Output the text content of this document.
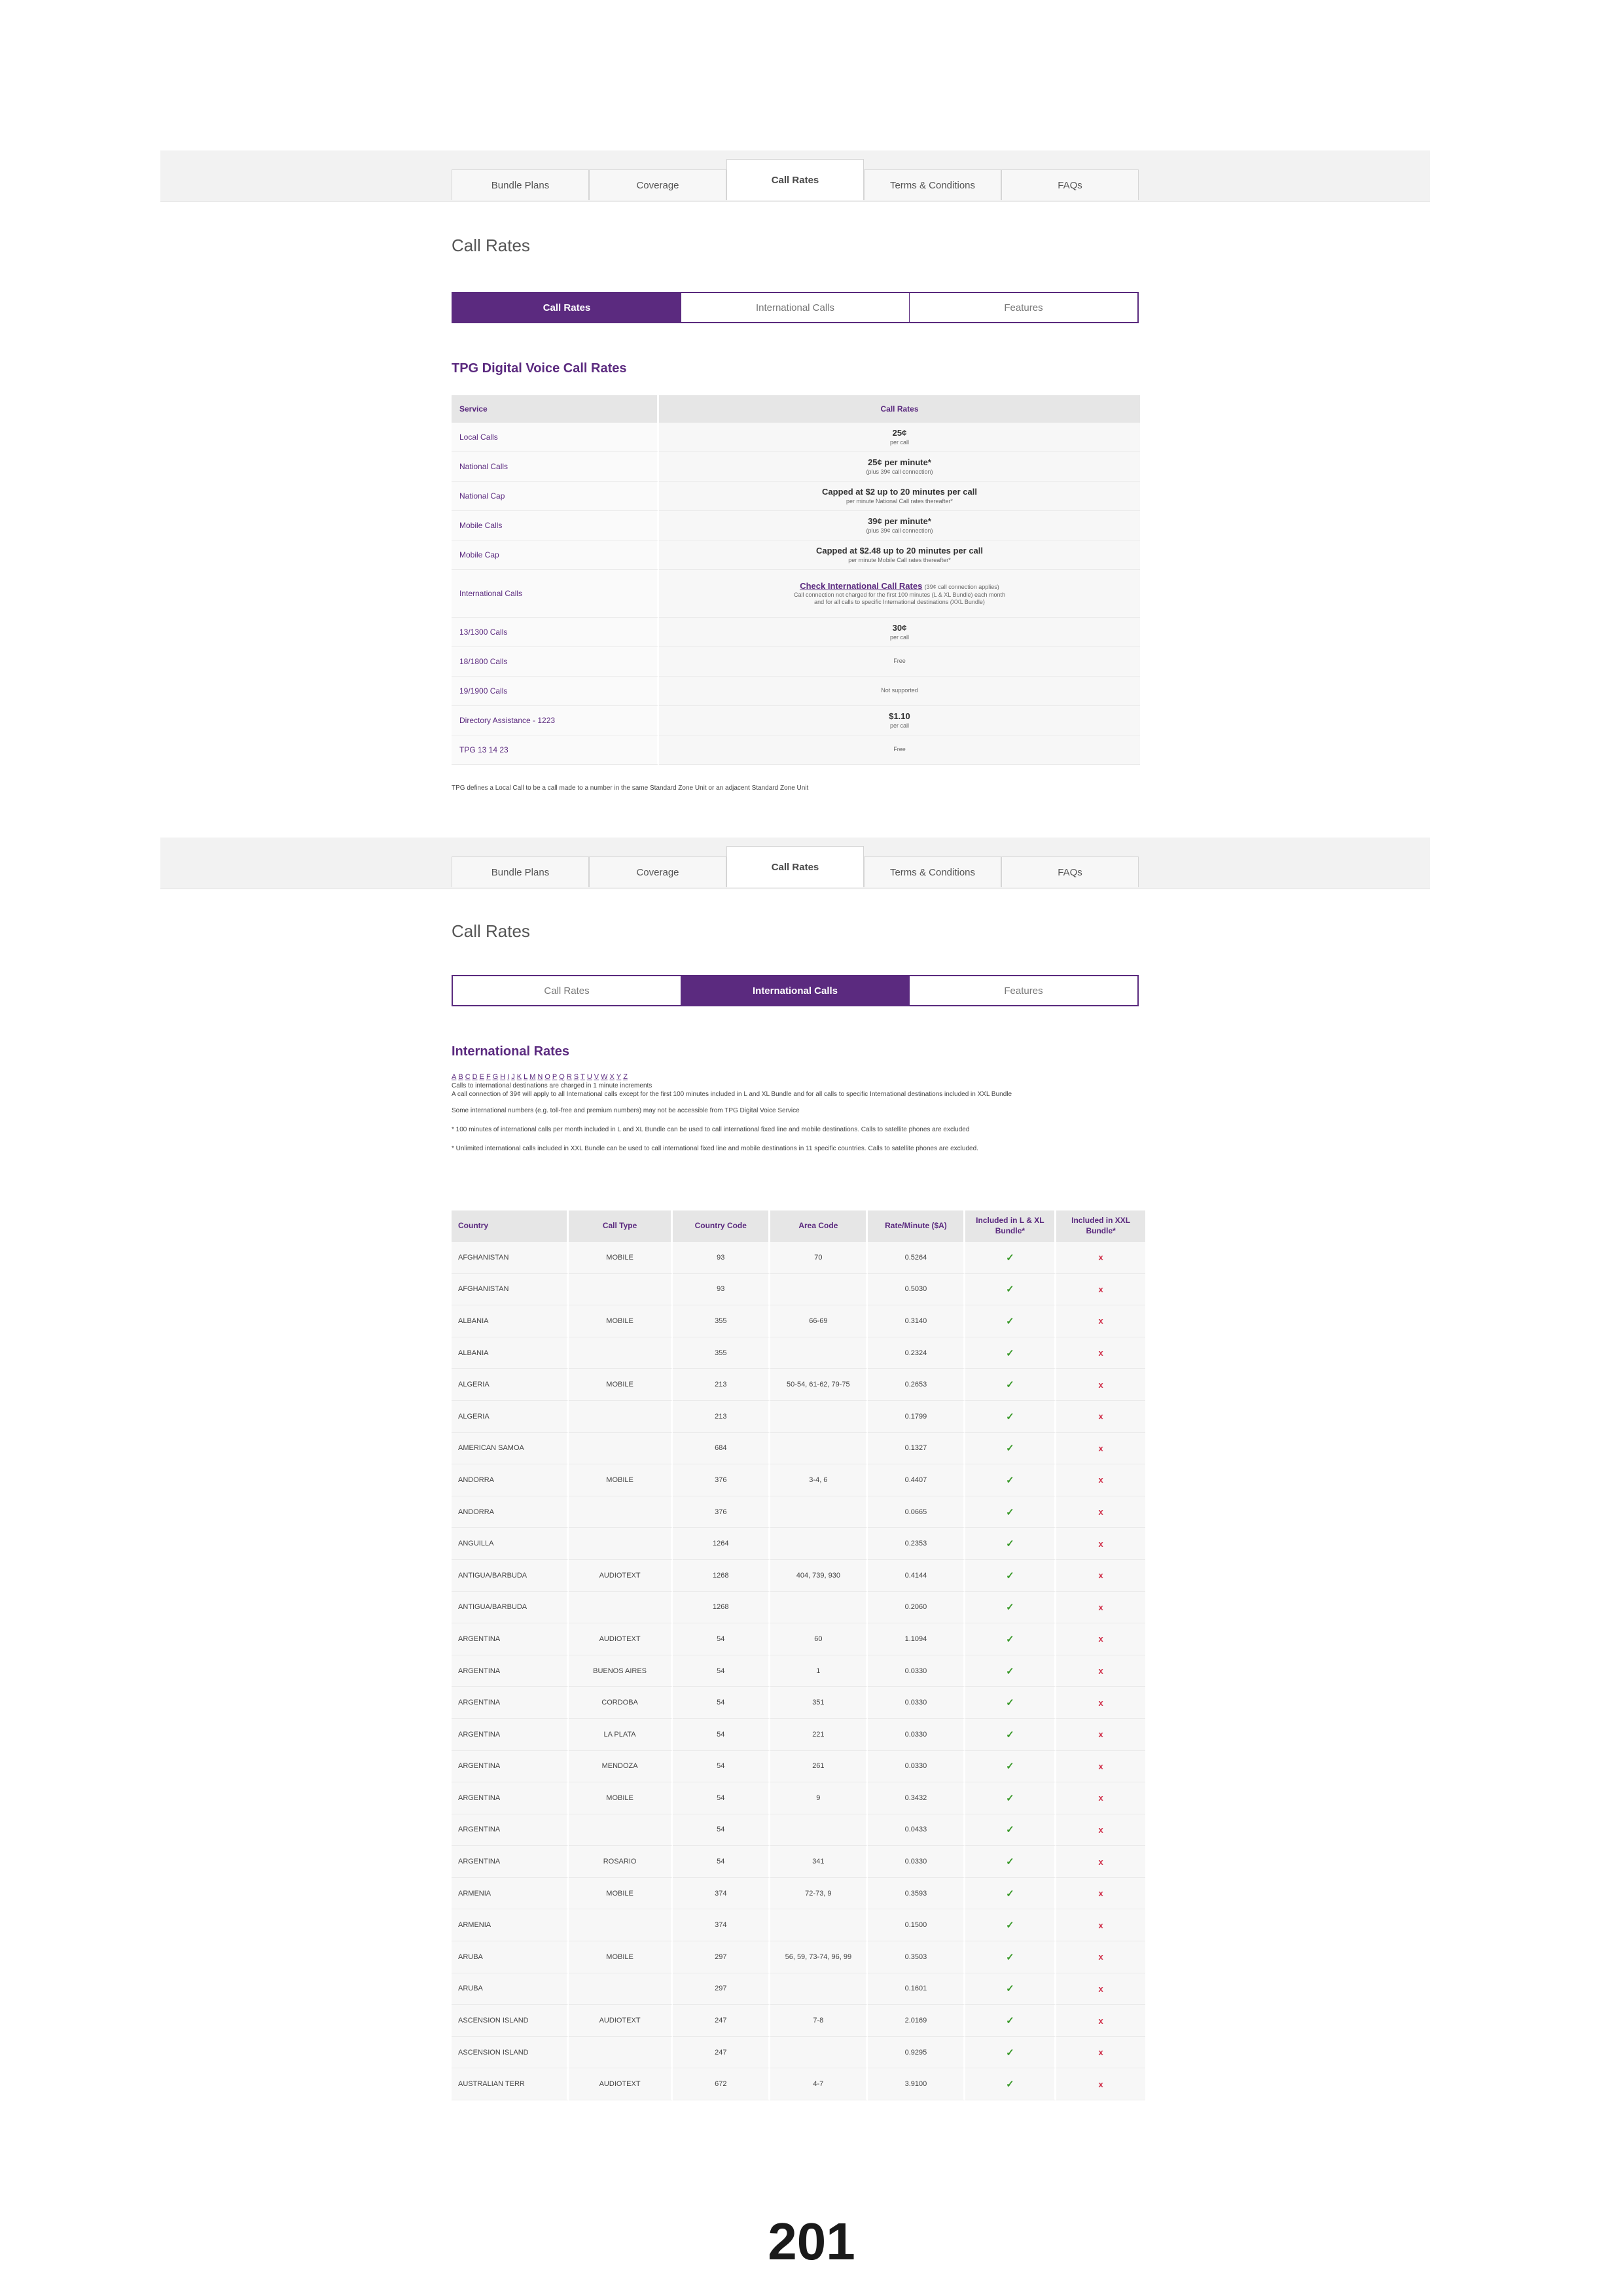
Bundle Plans	Coverage	Call Rates	Terms & Conditions	FAQs
Call Rates
Call Rates	International Calls	Features
TPG Digital Voice Call Rates
Service	Call Rates
Local Calls	25¢
per call

National Calls	25¢ per minute*
(plus 39¢ call connection)

National Cap	Capped at $2 up to 20 minutes per call
per minute National Call rates thereafter*

Mobile Calls	39¢ per minute*
(plus 39¢ call connection)

Mobile Cap	Capped at $2.48 up to 20 minutes per call
per minute Mobile Call rates thereafter*

International Calls	Check International Call Rates (39¢ call connection applies)
Call connection not charged for the first 100 minutes (L & XL Bundle) each month
and for all calls to specific International destinations (XXL Bundle)

13/1300 Calls	30¢
per call

18/1800 Calls	Free

19/1900 Calls	Not supported

Directory Assistance - 1223	$1.10
per call

TPG 13 14 23	Free
TPG defines a Local Call to be a call made to a number in the same Standard Zone Unit or an adjacent Standard Zone Unit
Bundle Plans	Coverage	Call Rates	Terms & Conditions	FAQs
Call Rates
Call Rates	International Calls	Features
International Rates
A B C D E F G H I J K L M N O P Q R S T U V W X Y Z
Calls to international destinations are charged in 1 minute increments
A call connection of 39¢ will apply to all International calls except for the first 100 minutes included in L and XL Bundle and for all calls to specific International destinations included in XXL Bundle
Some international numbers (e.g. toll-free and premium numbers) may not be accessible from TPG Digital Voice Service
* 100 minutes of international calls per month included in L and XL Bundle can be used to call international fixed line and mobile destinations. Calls to satellite phones are excluded
* Unlimited international calls included in XXL Bundle can be used to call international fixed line and mobile destinations in 11 specific countries. Calls to satellite phones are excluded.
Country	Call Type	Country Code	Area Code	Rate/Minute ($A)	Included in L & XL Bundle*	Included in XXL Bundle*
AFGHANISTAN	MOBILE	93	70	0.5264	✓	x
AFGHANISTAN		93		0.5030	✓	x
ALBANIA	MOBILE	355	66-69	0.3140	✓	x
ALBANIA		355		0.2324	✓	x
ALGERIA	MOBILE	213	50-54, 61-62, 79-75	0.2653	✓	x
ALGERIA		213		0.1799	✓	x
AMERICAN SAMOA		684		0.1327	✓	x
ANDORRA	MOBILE	376	3-4, 6	0.4407	✓	x
ANDORRA		376		0.0665	✓	x
ANGUILLA		1264		0.2353	✓	x
ANTIGUA/BARBUDA	AUDIOTEXT	1268	404, 739, 930	0.4144	✓	x
ANTIGUA/BARBUDA		1268		0.2060	✓	x
ARGENTINA	AUDIOTEXT	54	60	1.1094	✓	x
ARGENTINA	BUENOS AIRES	54	1	0.0330	✓	x
ARGENTINA	CORDOBA	54	351	0.0330	✓	x
ARGENTINA	LA PLATA	54	221	0.0330	✓	x
ARGENTINA	MENDOZA	54	261	0.0330	✓	x
ARGENTINA	MOBILE	54	9	0.3432	✓	x
ARGENTINA		54		0.0433	✓	x
ARGENTINA	ROSARIO	54	341	0.0330	✓	x
ARMENIA	MOBILE	374	72-73, 9	0.3593	✓	x
ARMENIA		374		0.1500	✓	x
ARUBA	MOBILE	297	56, 59, 73-74, 96, 99	0.3503	✓	x
ARUBA		297		0.1601	✓	x
ASCENSION ISLAND	AUDIOTEXT	247	7-8	2.0169	✓	x
ASCENSION ISLAND		247		0.9295	✓	x
AUSTRALIAN TERR	AUDIOTEXT	672	4-7	3.9100	✓	x
201
